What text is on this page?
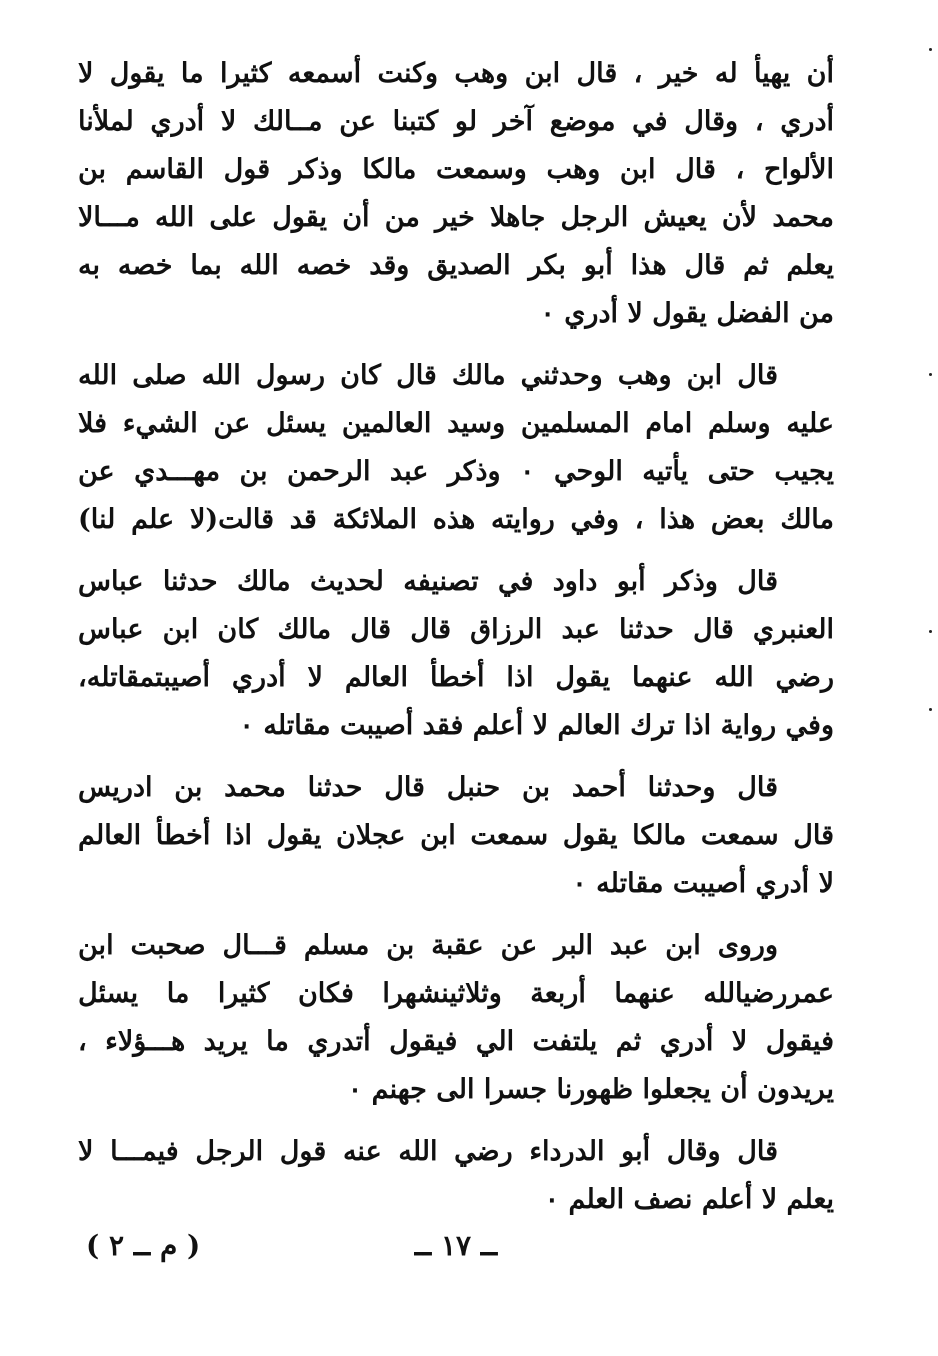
أن يهيأ له خير ، قال ابن وهب وكنت أسمعه كثيرا ما يقول لا
أدري ، وقال في موضع آخر لو كتبنا عن مــالك لا أدري لملأنا
الألواح ، قال ابن وهب وسمعت مالكا وذكر قول القاسم بن
محمد لأن يعيش الرجل جاهلا خير من أن يقول على الله مـــالا
يعلم ثم قال هذا أبو بكر الصديق وقد خصه الله بما خصه به
من الفضل يقول لا أدري ٠
قال ابن وهب وحدثني مالك قال كان رسول الله صلى الله
عليه وسلم امام المسلمين وسيد العالمين يسئل عن الشيء فلا
يجيب حتى يأتيه الوحي ٠ وذكر عبد الرحمن بن مهـــدي عن
مالك بعض هذا ، وفي روايته هذه الملائكة قد قالت(لا علم لنا)
قال وذكر أبو داود في تصنيفه لحديث مالك حدثنا عباس
العنبري قال حدثنا عبد الرزاق قال قال مالك كان ابن عباس
رضي الله عنهما يقول اذا أخطأ العالم لا أدري أصيبتمقاتله،
وفي رواية اذا ترك العالم لا أعلم فقد أصيبت مقاتله ٠
قال وحدثنا أحمد بن حنبل قال حدثنا محمد بن ادريس
قال سمعت مالكا يقول سمعت ابن عجلان يقول اذا أخطأ العالم
لا أدري أصيبت مقاتله ٠
وروى ابن عبد البر عن عقبة بن مسلم قـــال صحبت ابن
عمررضيالله عنهما أربعة وثلاثينشهرا فكان كثيرا ما يسئل
فيقول لا أدري ثم يلتفت الي فيقول أتدري ما يريد هـــؤلاء ،
يريدون أن يجعلوا ظهورنا جسرا الى جهنم ٠
قال وقال أبو الدرداء رضي الله عنه قول الرجل فيمـــا لا
يعلم لا أعلم نصف العلم ٠
ــ ١٧ ــ
( م ــ ٢ )
